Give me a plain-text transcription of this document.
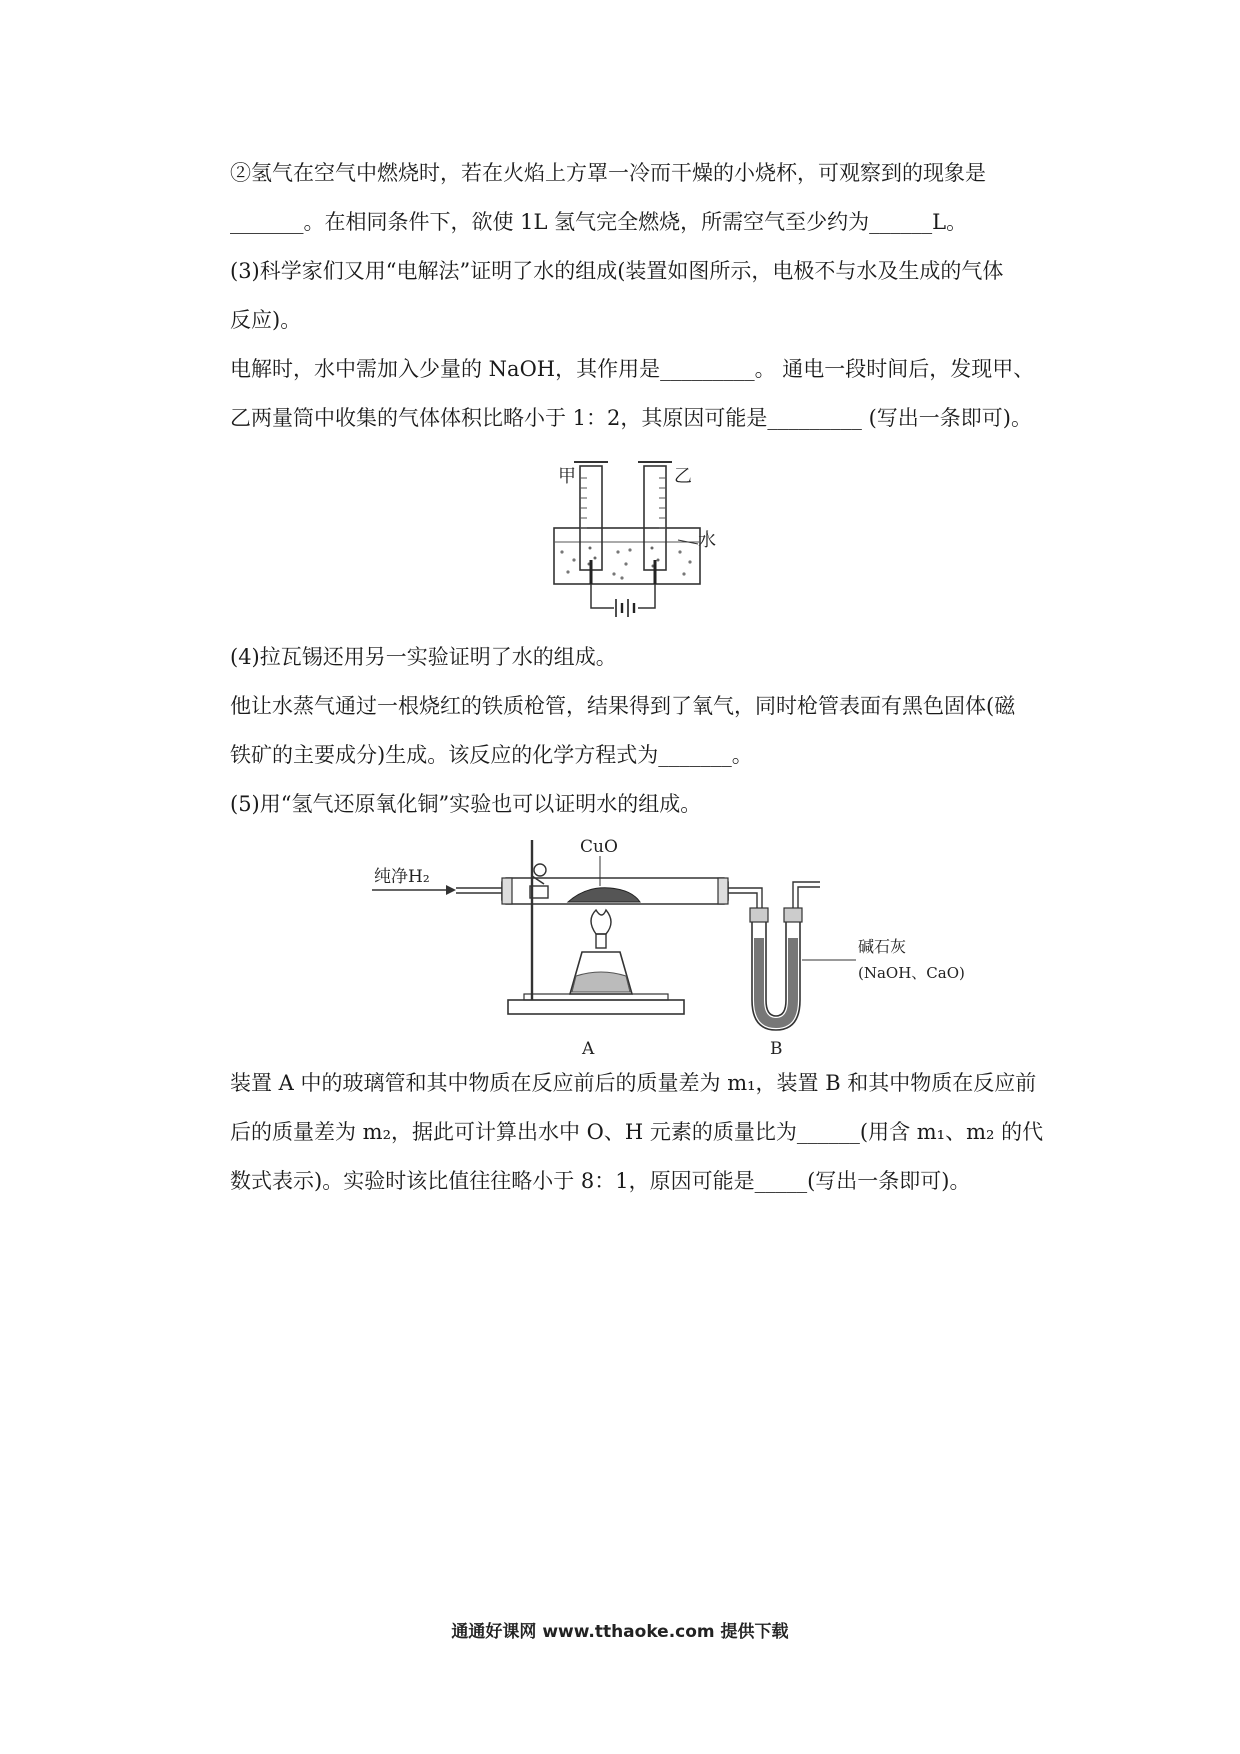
②氢气在空气中燃烧时，若在火焰上方罩一冷而干燥的小烧杯，可观察到的现象是
_______。在相同条件下，欲使 1L 氢气完全燃烧，所需空气至少约为______L。
(3)科学家们又用“电解法”证明了水的组成(装置如图所示，电极不与水及生成的气体
反应)。
电解时，水中需加入少量的 NaOH，其作用是_________。 通电一段时间后，发现甲、
乙两量筒中收集的气体体积比略小于 1：2，其原因可能是_________ (写出一条即可)。
甲	乙
水
(4)拉瓦锡还用另一实验证明了水的组成。
他让水蒸气通过一根烧红的铁质枪管，结果得到了氧气，同时枪管表面有黑色固体(磁
铁矿的主要成分)生成。该反应的化学方程式为_______。
(5)用“氢气还原氧化铜”实验也可以证明水的组成。
纯净H₂
CuO
碱石灰
(NaOH、CaO)
A	B
装置 A 中的玻璃管和其中物质在反应前后的质量差为 m₁，装置 B 和其中物质在反应前
后的质量差为 m₂，据此可计算出水中 O、H 元素的质量比为______(用含 m₁、m₂ 的代
数式表示)。实验时该比值往往略小于 8：1，原因可能是_____(写出一条即可)。
通通好课网 www.tthaoke.com 提供下载
